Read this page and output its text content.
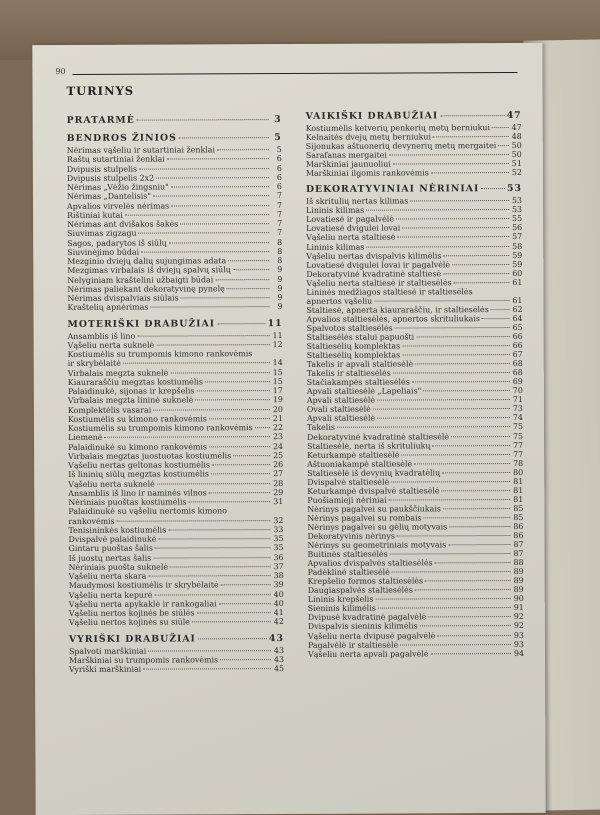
90
TURINYS
PRATARMĖ	3
BENDROS ŽINIOS	5
Nėrimas vąšeliu ir sutartiniai ženklai	5
Raštų sutartiniai ženklai	6
Dvipusis stulpelis	6
Dvipusis stulpelis 2x2	6
Nėrimas „Vėžio žingsniu"	6
Nėrimas „Dantelisis"	7
Apvalios virvelės nėrimas	7
Rištiniai kutai	7
Nėrimas ant dvišakos šakės	7
Siuvimas zigzagu	7
Sagos, padarytos iš siūlų	8
Siuvinėjimo būdai	8
Mezginio dviejų dalių sujungimas adata	8
Mezgimas virbalais iš dviejų spalvų siūlų	9
Nelyginiam kraštelini užbaigti būdai	9
Nėrimas paliekant dekoratyvinę pynelę	9
Nėrimas dvispalviais siūlais	9
Kraštelių apnėrimas	9
MOTERIŠKI DRABUŽIAI	11
Ansamblis iš lino	11
Vąšeliu nerta suknelė	12
Kostiumėlis su trumpomis kimono rankovėmis
ir skrybėlaitė	14
Virbalais megzta suknelė	15
Kiauraraščiu megztas kostiumėlis	15
Palaidinukė, sijonas ir krepšelis	17
Virbalais megzta lininė suknelė	19
Komplektėlis vasarai	20
Kostiumėlis su kimono rankovėmis	21
Kostiumėlis su trumpomis kimono rankovėmis	22
Liemenė	23
Palaidinukė su kimono rankovėmis	24
Virbalais megztas juostuotas kostiumėlis	25
Vąšeliu nertas geltonas kostiumėlis	26
Iš lininių siūlų megztas kostiumėlis	27
Vąšeliu nerta suknelė	28
Ansamblis iš lino ir naminės vilnos	29
Nėriniais puoštas kostiumėlis	31
Palaidinukė su vąšeliu nertomis kimono
rankovėmis	32
Tenisininkės kostiumėlis	33
Dvispalvė palaidinukė	35
Gintaru puoštas šalis	35
Iš juostų nertas šalis	36
Nėriniais puošta suknelė	37
Vąšeliu nerta skara	38
Maudymosi kostiumėlis ir skrybėlaitė	39
Vąšeliu nerta kepurė	40
Vąšeliu nerta apykaklė ir rankogaliai	40
Vąšeliu nertos kojinės be siūlės	41
Vąšeliu nertos kojinės su siūle	42
VYRIŠKI DRABUŽIAI	43
Spalvoti marškiniai	43
Marškiniai su trumpomis rankovėmis	43
Vyriški marškiniai	45
VAIKIŠKI DRABUŽIAI	47
Kostiumėlis ketverių penkerių metų berniukui	47
Kelnaitės dvejų metų berniukui	48
Sijonukas aštuonerių devynerių metų mergaitei 50
Sarafanas mergaitei	50
Marškiniai jaunuoliui	51
Marškiniai ilgomis rankovėmis	52
DEKORATYVINIAI NĖRINIAI	53
Iš skritulių nertas kilimas	53
Lininis kilimas	53
Lovatiesė ir pagalvėlė	55
Lovatiesė dvigulei lovai	56
Vąšeliu nerta staltiesė	57
Lininis kilimas	58
Vąšeliu nertas dvispalvis kilimėlis	59
Lovatiesė dvigulei lovai ir pagalvėlė	59
Dekoratyvinė kvadratinė staltiesė	60
Vąšeliu nerta staltiesė ir staltiesėlės	61
Lininės medžiagos staltiesė ir staltiesėlės
apnertos vąšeliu	61
Staltiesė, apnerta kiauraraščiu, ir staltiesėlės	62
Apvalios staltiesėlės, apnertos skrituliukais	64
Spalvotos staltiesėlės	65
Staltiesėlės stalui papuošti	66
Staltiesėlių komplektas	66
Staltiesėlių komplektas	67
Takelis ir apvali staltiesėlė	68
Takelis ir staltiesėlės	68
Stačiakampės staltiesėlės	69
Apvali staltiesėlė „Lapeliais"	70
Apvali staltiesėlė	71
Ovali staltiesėlė	73
Apvali staltiesėlė	74
Takelis	75
Dekoratyvinė kvadratinė staltiesėlė	75
Staltiesėlė, nerta iš skrituliukų	77
Keturkampė staltiesėlė	77
Aštuoniakampė staltiesėlė	78
Staltiesėlė iš devynių kvadratėlių	80
Dvispalvė staltiesėlė	81
Keturkampė dvispalvė staltiesėlė	81
Puošiamieji nėriniai	81
Nėrinys pagalvei su paukščiukais	85
Nėrinys pagalvei su rombais	85
Nėrinys pagalvei su gėlių motyvais	86
Dekoratyvinis nėrinys	86
Nėrinys su geometriniais motyvais	87
Buitinės staltiesėlės	87
Apvalios dvispalvės staltiesėlės	88
Padėklinė staltiesėlė	89
Krepšelio formos staltiesėlės	89
Daugiaspalvės staltiesėlės	89
Lininis krepšelis	90
Sieninis kilimėlis	91
Dvipusė kvadratinė pagalvėlė	92
Dvispalvis sieninis kilimėlis	92
Vąšeliu nerta dvipusė pagalvėlė	93
Pagalvėlė ir staltiesėlė	93
Vąšeliu nerta apvali pagalvėlė	94
